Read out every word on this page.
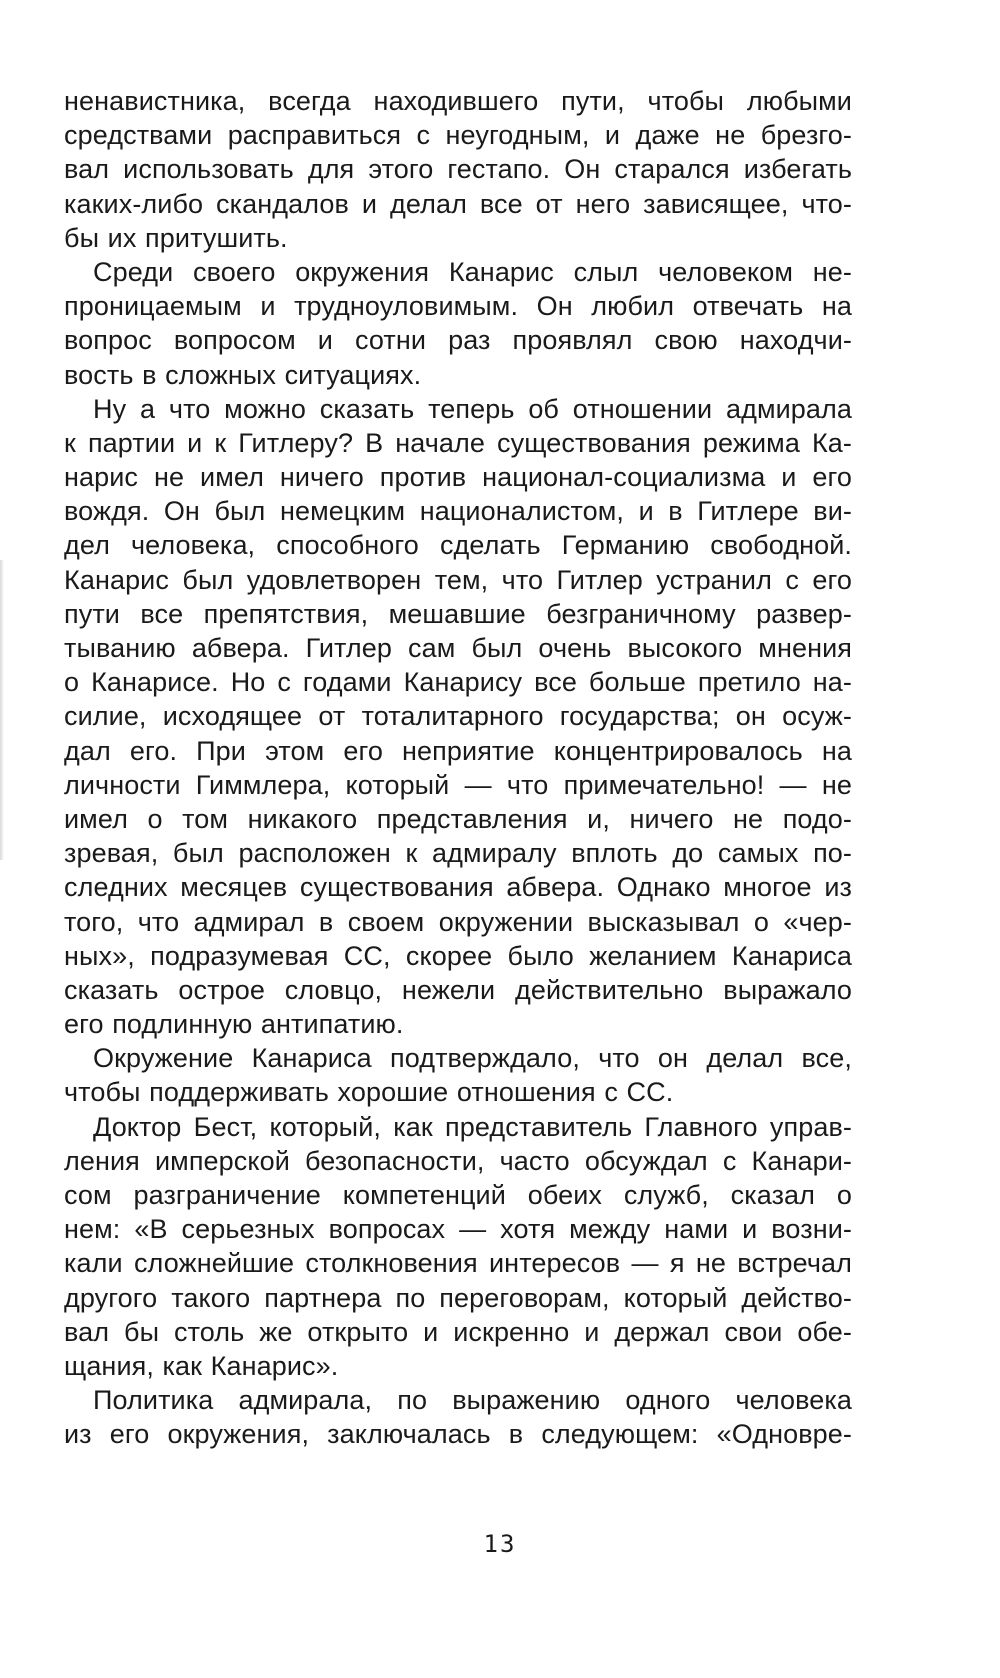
ненавистника, всегда находившего пути, чтобы любыми
средствами расправиться с неугодным, и даже не брезго-
вал использовать для этого гестапо. Он старался избегать
каких-либо скандалов и делал все от него зависящее, что-
бы их притушить.
Среди своего окружения Канарис слыл человеком не-
проницаемым и трудноуловимым. Он любил отвечать на
вопрос вопросом и сотни раз проявлял свою находчи-
вость в сложных ситуациях.
Ну а что можно сказать теперь об отношении адмирала
к партии и к Гитлеру? В начале существования режима Ка-
нарис не имел ничего против национал-социализма и его
вождя. Он был немецким националистом, и в Гитлере ви-
дел человека, способного сделать Германию свободной.
Канарис был удовлетворен тем, что Гитлер устранил с его
пути все препятствия, мешавшие безграничному развер-
тыванию абвера. Гитлер сам был очень высокого мнения
о Канарисе. Но с годами Канарису все больше претило на-
силие, исходящее от тоталитарного государства; он осуж-
дал его. При этом его неприятие концентрировалось на
личности Гиммлера, который — что примечательно! — не
имел о том никакого представления и, ничего не подо-
зревая, был расположен к адмиралу вплоть до самых по-
следних месяцев существования абвера. Однако многое из
того, что адмирал в своем окружении высказывал о «чер-
ных», подразумевая СС, скорее было желанием Канариса
сказать острое словцо, нежели действительно выражало
его подлинную антипатию.
Окружение Канариса подтверждало, что он делал все,
чтобы поддерживать хорошие отношения с СС.
Доктор Бест, который, как представитель Главного управ-
ления имперской безопасности, часто обсуждал с Канари-
сом разграничение компетенций обеих служб, сказал о
нем: «В серьезных вопросах — хотя между нами и возни-
кали сложнейшие столкновения интересов — я не встречал
другого такого партнера по переговорам, который действо-
вал бы столь же открыто и искренно и держал свои обе-
щания, как Канарис».
Политика адмирала, по выражению одного человека
из его окружения, заключалась в следующем: «Одновре-
13
